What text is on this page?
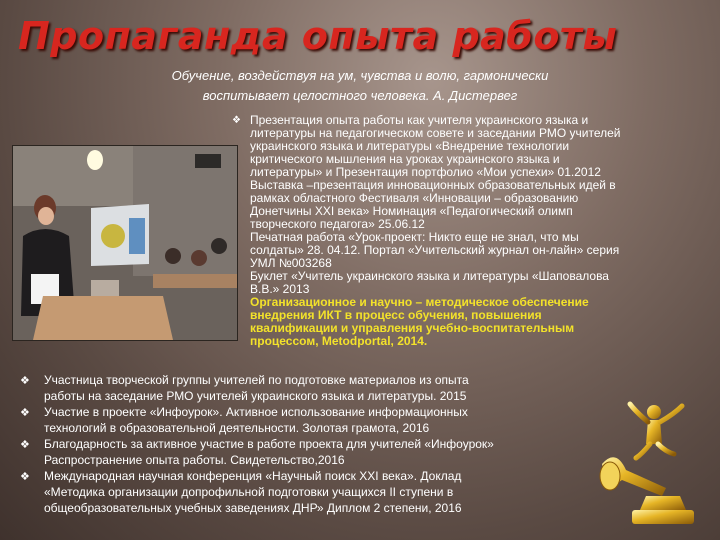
Пропаганда опыта работы
Обучение, воздействуя на ум, чувства и волю, гармонически
воспитывает целостного человека. А. Дистервег
❖ Презентация опыта работы как учителя украинского языка и
литературы на педагогическом совете и заседании РМО учителей
украинского языка и литературы «Внедрение технологии
критического мышления на уроках украинского языка и
литературы» и Презентация портфолио «Мои успехи» 01.2012
Выставка –презентация инновационных образовательных идей в
рамках областного Фестиваля «Инновации – образованию
Донетчины XXI века» Номинация «Педагогический олимп
творческого педагога» 25.06.12
Печатная работа «Урок-проект: Никто еще не знал, что мы
солдаты» 28. 04.12. Портал «Учительский журнал он-лайн» серия
УМЛ №003268
Буклет «Учитель украинского языка и литературы «Шаповалова
В.В.» 2013
Организационное и научно – методическое обеспечение
внедрения ИКТ в процесс обучения, повышения
квалификации и управления учебно-воспитательным
процессом, Metodportal, 2014.
❖ Участница творческой группы учителей по подготовке материалов из опыта
работы на заседание РМО учителей украинского языка и литературы. 2015
❖ Участие в проекте «Инфоурок». Активное использование информационных
технологий в образовательной деятельности. Золотая грамота, 2016
❖ Благодарность за активное участие в работе проекта для учителей «Инфоурок»
Распространение опыта работы. Свидетельство,2016
❖ Международная научная конференция «Научный поиск XXI века». Доклад
«Методика организации допрофильной подготовки учащихся II ступени в
общеобразовательных учебных заведениях ДНР» Диплом 2 степени, 2016
